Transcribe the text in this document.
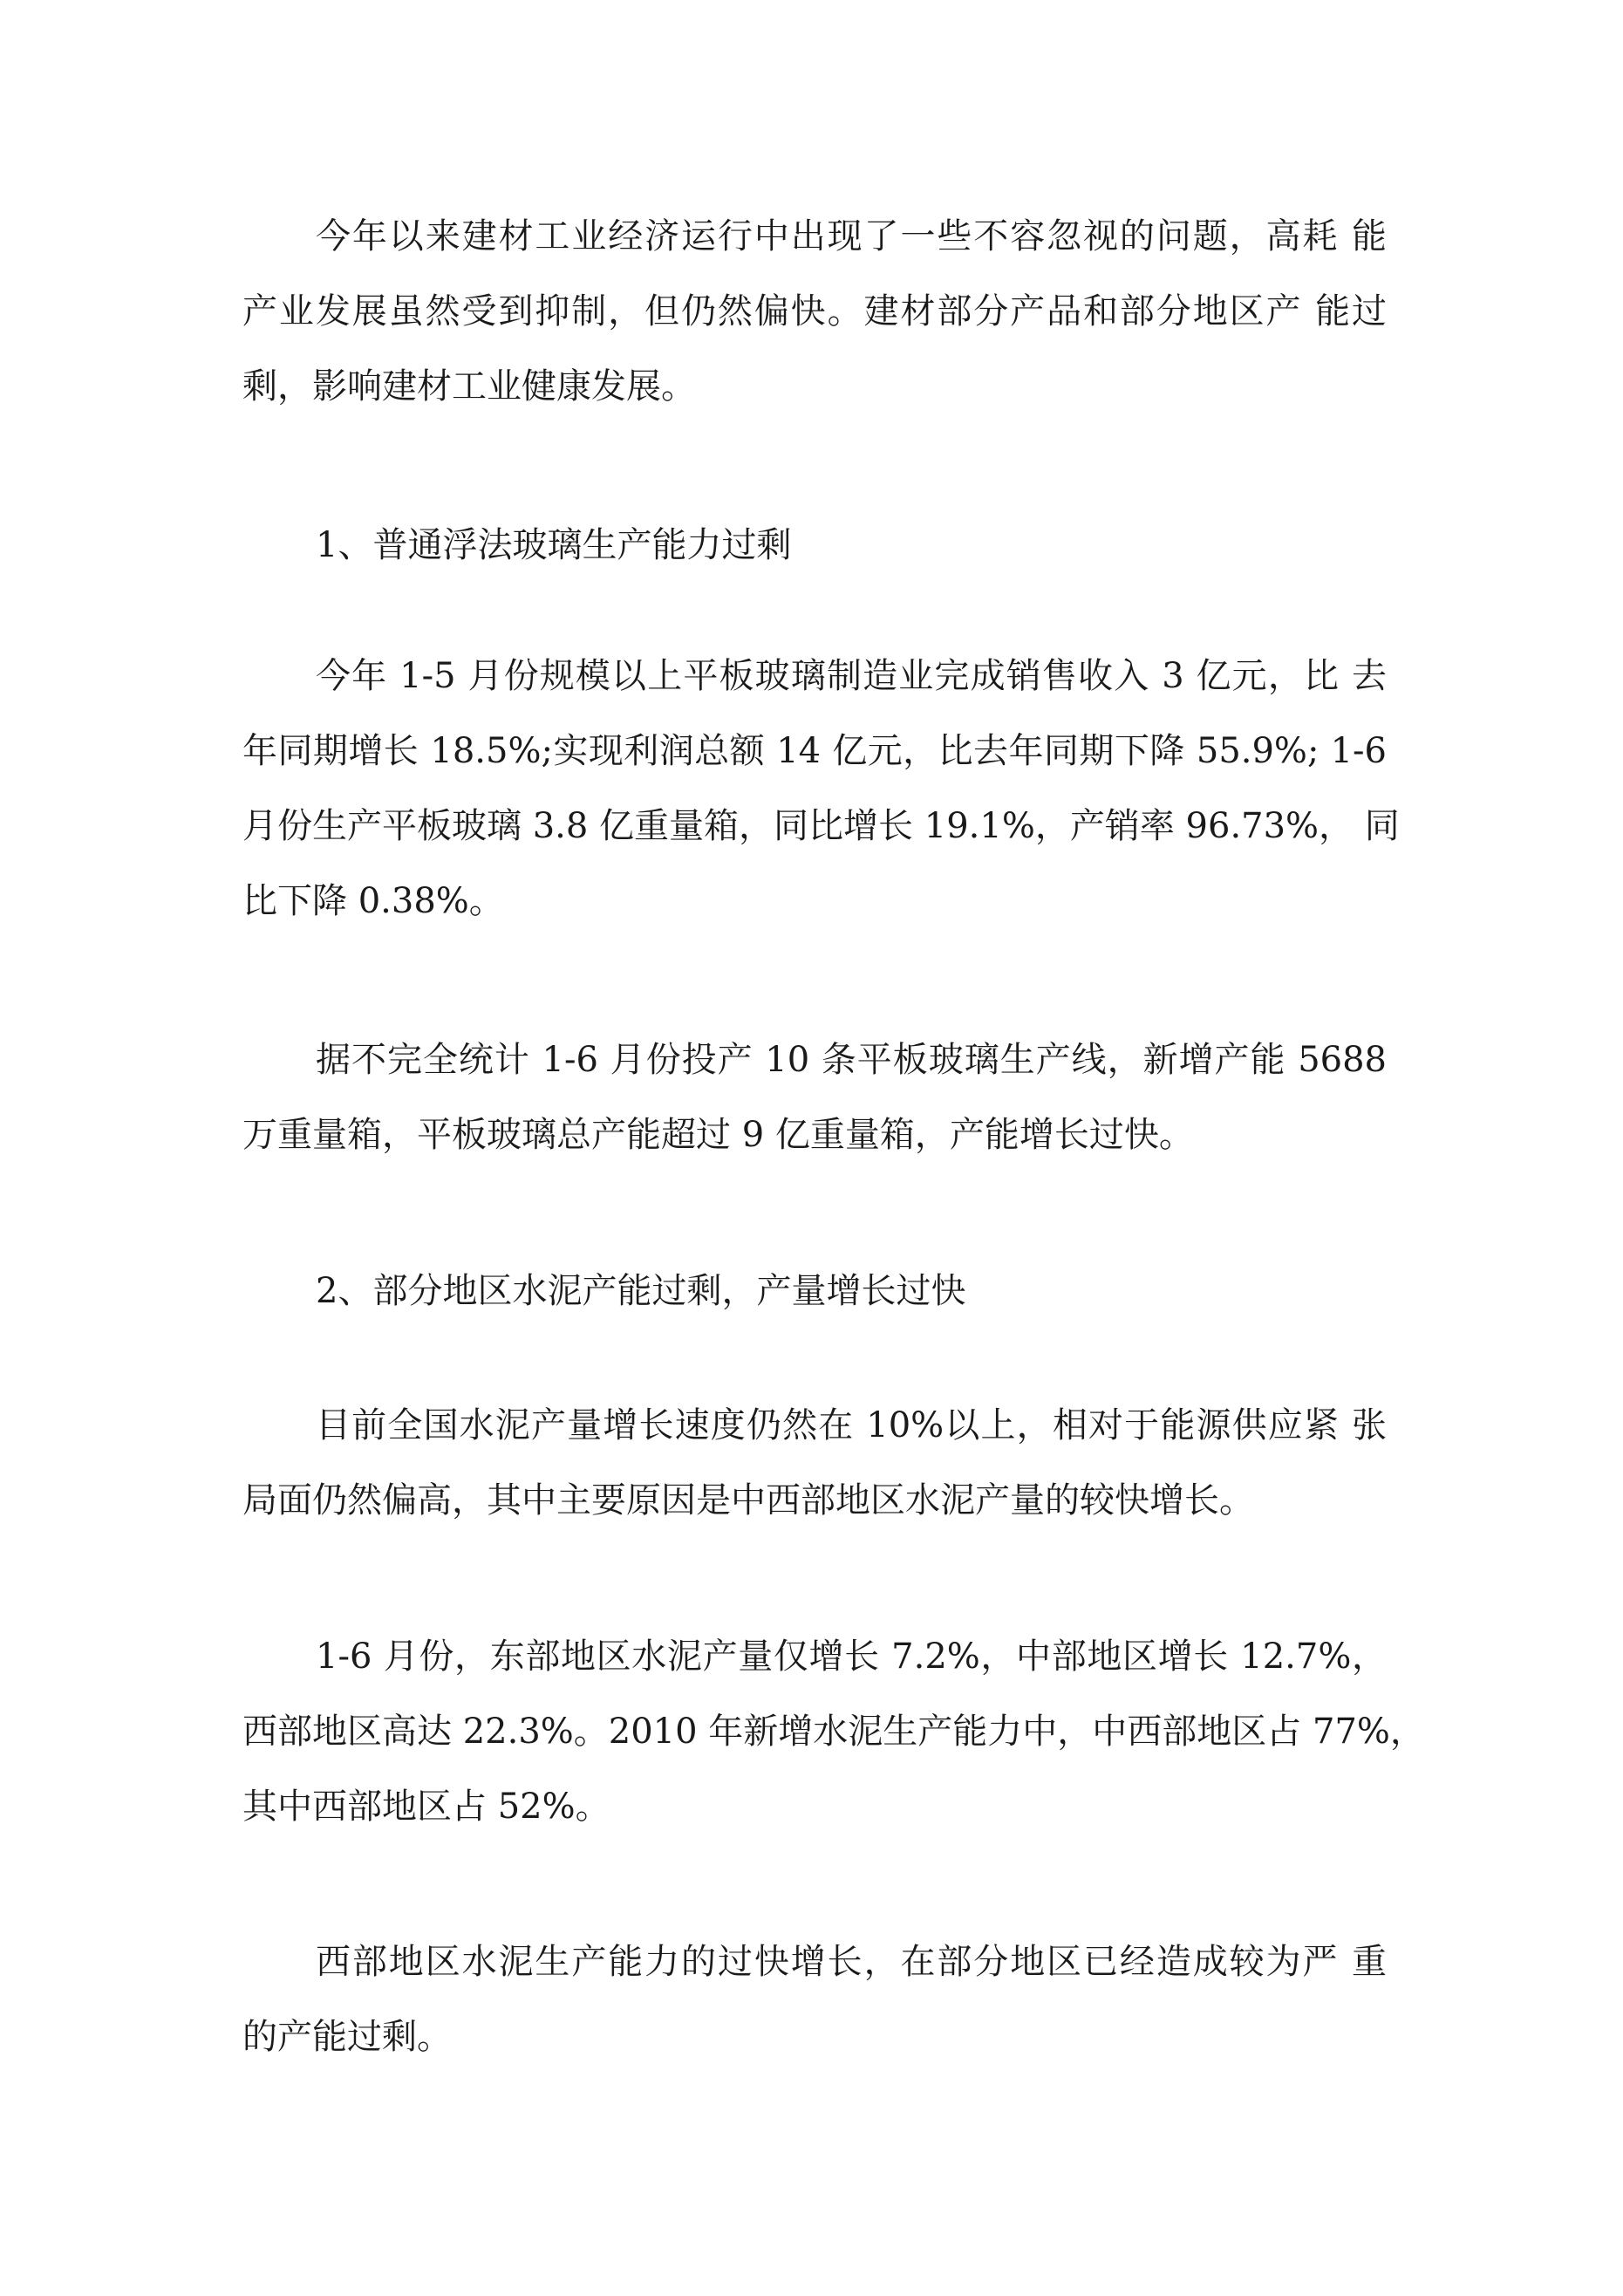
今年以来建材工业经济运行中出现了一些不容忽视的问题，高耗 能
产业发展虽然受到抑制，但仍然偏快。建材部分产品和部分地区产 能过
剩，影响建材工业健康发展。
1、普通浮法玻璃生产能力过剩
今年 1-5 月份规模以上平板玻璃制造业完成销售收入 3 亿元，比 去
年同期增长 18.5%;实现利润总额 14 亿元，比去年同期下降 55.9%; 1-6
月份生产平板玻璃 3.8 亿重量箱，同比增长 19.1%，产销率 96.73%， 同
比下降 0.38%。
据不完全统计 1-6 月份投产 10 条平板玻璃生产线，新增产能 5688
万重量箱，平板玻璃总产能超过 9 亿重量箱，产能增长过快。
2、部分地区水泥产能过剩，产量增长过快
目前全国水泥产量增长速度仍然在 10%以上，相对于能源供应紧 张
局面仍然偏高，其中主要原因是中西部地区水泥产量的较快增长。
1-6 月份，东部地区水泥产量仅增长 7.2%，中部地区增长 12.7%，
西部地区高达 22.3%。2010 年新增水泥生产能力中，中西部地区占 77%，
其中西部地区占 52%。
西部地区水泥生产能力的过快增长，在部分地区已经造成较为严 重
的产能过剩。
